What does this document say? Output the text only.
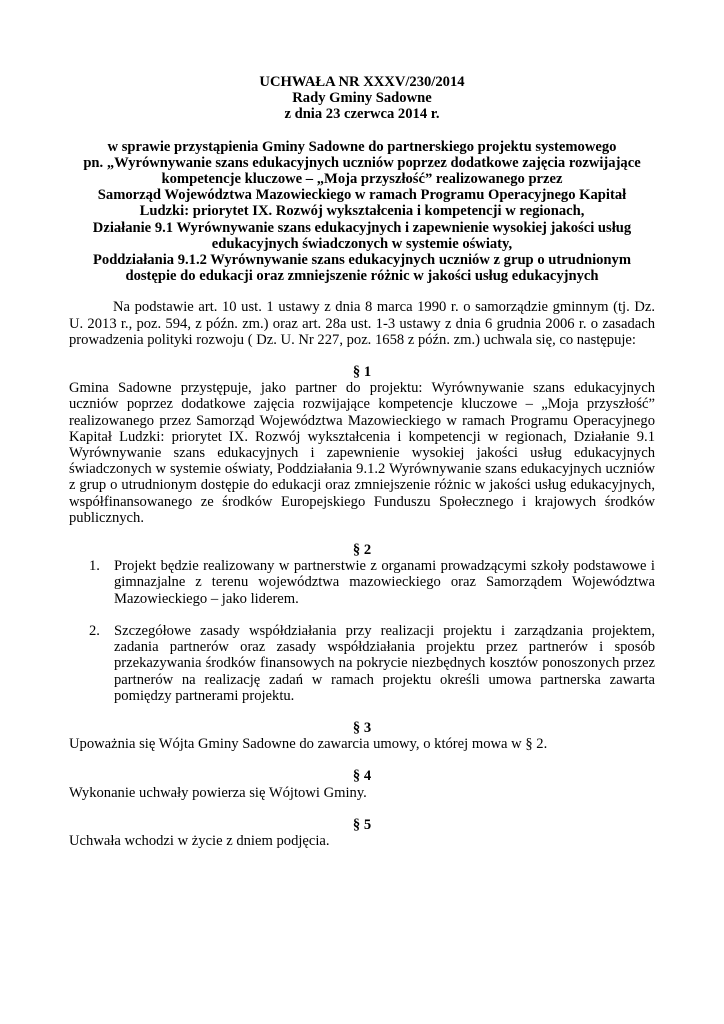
UCHWAŁA NR XXXV/230/2014
Rady Gminy Sadowne
z dnia 23 czerwca 2014 r.
w sprawie przystąpienia Gminy Sadowne do partnerskiego projektu systemowego
pn. „Wyrównywanie szans edukacyjnych uczniów poprzez dodatkowe zajęcia rozwijające
kompetencje kluczowe – „Moja przyszłość” realizowanego przez
Samorząd Województwa Mazowieckiego w ramach Programu Operacyjnego Kapitał
Ludzki: priorytet IX. Rozwój wykształcenia i kompetencji w regionach,
Działanie 9.1 Wyrównywanie szans edukacyjnych i zapewnienie wysokiej jakości usług
edukacyjnych świadczonych w systemie oświaty,
Poddziałania 9.1.2 Wyrównywanie szans edukacyjnych uczniów z grup o utrudnionym
dostępie do edukacji oraz zmniejszenie różnic w jakości usług edukacyjnych
Na podstawie art. 10 ust. 1 ustawy z dnia 8 marca 1990 r. o samorządzie gminnym (tj. Dz. U. 2013 r., poz. 594, z późn. zm.) oraz art. 28a ust. 1-3 ustawy z dnia 6 grudnia 2006 r. o zasadach prowadzenia polityki rozwoju ( Dz. U. Nr 227, poz. 1658 z późn. zm.) uchwala się, co następuje:
§ 1
Gmina Sadowne przystępuje, jako partner do projektu: Wyrównywanie szans edukacyjnych uczniów poprzez dodatkowe zajęcia rozwijające kompetencje kluczowe – „Moja przyszłość” realizowanego przez Samorząd Województwa Mazowieckiego w ramach Programu Operacyjnego Kapitał Ludzki: priorytet IX. Rozwój wykształcenia i kompetencji w regionach, Działanie 9.1 Wyrównywanie szans edukacyjnych i zapewnienie wysokiej jakości usług edukacyjnych świadczonych w systemie oświaty, Poddziałania 9.1.2 Wyrównywanie szans edukacyjnych uczniów z grup o utrudnionym dostępie do edukacji oraz zmniejszenie różnic w jakości usług edukacyjnych, współfinansowanego ze środków Europejskiego Funduszu Społecznego i krajowych środków publicznych.
§ 2
1. Projekt będzie realizowany w partnerstwie z organami prowadzącymi szkoły podstawowe i gimnazjalne z terenu województwa mazowieckiego oraz Samorządem Województwa Mazowieckiego – jako liderem.
2. Szczegółowe zasady współdziałania przy realizacji projektu i zarządzania projektem, zadania partnerów oraz zasady współdziałania projektu przez partnerów i sposób przekazywania środków finansowych na pokrycie niezbędnych kosztów ponoszonych przez partnerów na realizację zadań w ramach projektu określi umowa partnerska zawarta pomiędzy partnerami projektu.
§ 3
Upoważnia się Wójta Gminy Sadowne do zawarcia umowy, o której mowa w § 2.
§ 4
Wykonanie uchwały powierza się Wójtowi Gminy.
§ 5
Uchwała wchodzi w życie z dniem podjęcia.
